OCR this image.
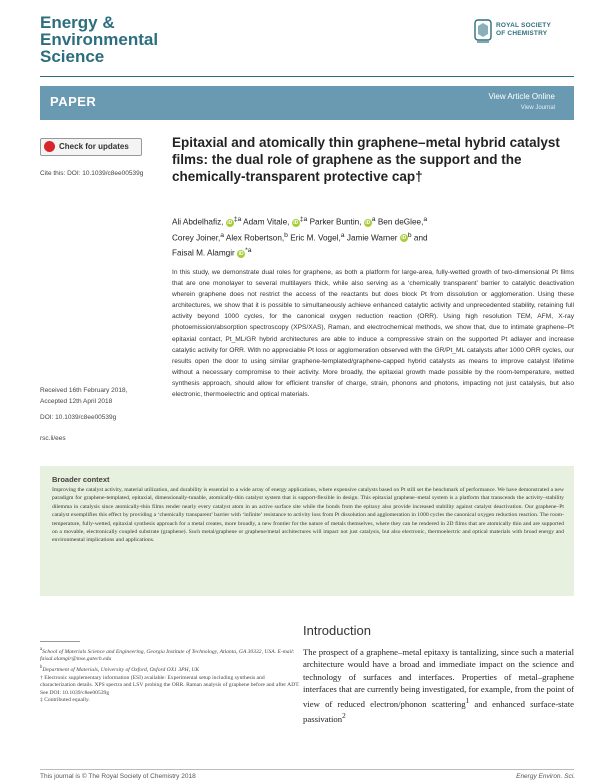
Energy &
Environmental
Science
ROYAL SOCIETY
OF CHEMISTRY
PAPER	View Article Online
View Journal
Check for updates
Cite this: DOI: 10.1039/c8ee00539g
Epitaxial and atomically thin graphene–metal hybrid catalyst films: the dual role of graphene as the support and the chemically-transparent protective cap†
Ali Abdelhafiz, iD $^{\ddagger a}$ Adam Vitale, iD $^{\ddagger a}$ Parker Buntin, iD $^a$ Ben deGlee,$^a$
Corey Joiner,$^a$ Alex Robertson,$^b$ Eric M. Vogel,$^a$ Jamie Warner iD $^b$ and
Faisal M. Alamgir iD $^{*a}$
In this study, we demonstrate dual roles for graphene, as both a platform for large-area, fully-wetted growth of two-dimensional Pt films that are one monolayer to several multilayers thick, while also serving as a ‘chemically transparent’ barrier to catalytic deactivation wherein graphene does not restrict the access of the reactants but does block Pt from dissolution or agglomeration. Using these architectures, we show that it is possible to simultaneously achieve enhanced catalytic activity and unprecedented stability, retaining full activity beyond 1000 cycles, for the canonical oxygen reduction reaction (ORR). Using high resolution TEM, AFM, X-ray photoemission/absorption spectroscopy (XPS/XAS), Raman, and electrochemical methods, we show that, due to intimate graphene–Pt epitaxial contact, Pt_ML/GR hybrid architectures are able to induce a compressive strain on the supported Pt adlayer and increase catalytic activity for ORR. With no appreciable Pt loss or agglomeration observed with the GR/Pt_ML catalysts after 1000 ORR cycles, our results open the door to using similar graphene-templated/graphene-capped hybrid catalysts as means to improve catalyst lifetime without a necessary compromise to their activity. More broadly, the epitaxial growth made possible by the room-temperature, wetted synthesis approach, should allow for efficient transfer of charge, strain, phonons and photons, impacting not just catalysis, but also electronic, thermoelectric and optical materials.
Received 16th February 2018,
Accepted 12th April 2018
DOI: 10.1039/c8ee00539g
rsc.li/ees
Broader context
Improving the catalyst activity, material utilization, and durability is essential to a wide array of energy applications, where expensive catalysts based on Pt still set the benchmark of performance. We have demonstrated a new paradigm for graphene-templated, epitaxial, dimensionally-tunable, atomically-thin catalyst system that is support-flexible in design. This epitaxial graphene–metal system is a platform that transcends the activity–stability dilemma in catalysis since atomically-thin films render nearly every catalyst atom in an active surface site while the bonds from the epitaxy also provide increased stability against catalyst deactivation. Our graphene–Pt catalyst exemplifies this effect by providing a ‘chemically transparent’ barrier with ‘infinite’ resistance to activity loss from Pt dissolution and agglomeration in 1000 cycles the canonical oxygen reduction reaction. The room-temperature, fully-wetted, epitaxial synthesis approach for a metal creates, more broadly, a new frontier for the nature of metals themselves, where they can be rendered in 2D films that are atomically thin and are supported on a movable, electronically coupled substrate (graphene). Such metal/graphene or graphene/metal architectures will impact not just catalysis, but also electronic, thermoelectric and optical materials with broad energy and environmental implications and applications.
$^a$School of Materials Science and Engineering, Georgia Institute of Technology, Atlanta, GA 30332, USA. E-mail: faisal.alamgir@mse.gatech.edu
$^b$Department of Materials, University of Oxford, Oxford OX1 3PH, UK
† Electronic supplementary information (ESI) available: Experimental setup including synthesis and characterization details. XPS spectra and LSV probing the ORR. Raman analysis of graphene before and after ADT. See DOI: 10.1039/c8ee00539g
‡ Contributed equally.
Introduction
The prospect of a graphene–metal epitaxy is tantalizing, since such a material architecture would have a broad and immediate impact on the science and technology of surfaces and interfaces. Properties of metal–graphene interfaces that are currently being investigated, for example, from the point of view of reduced electron/phonon scattering$^1$ and enhanced surface-state passivation$^2$
This journal is © The Royal Society of Chemistry 2018	Energy Environ. Sci.
